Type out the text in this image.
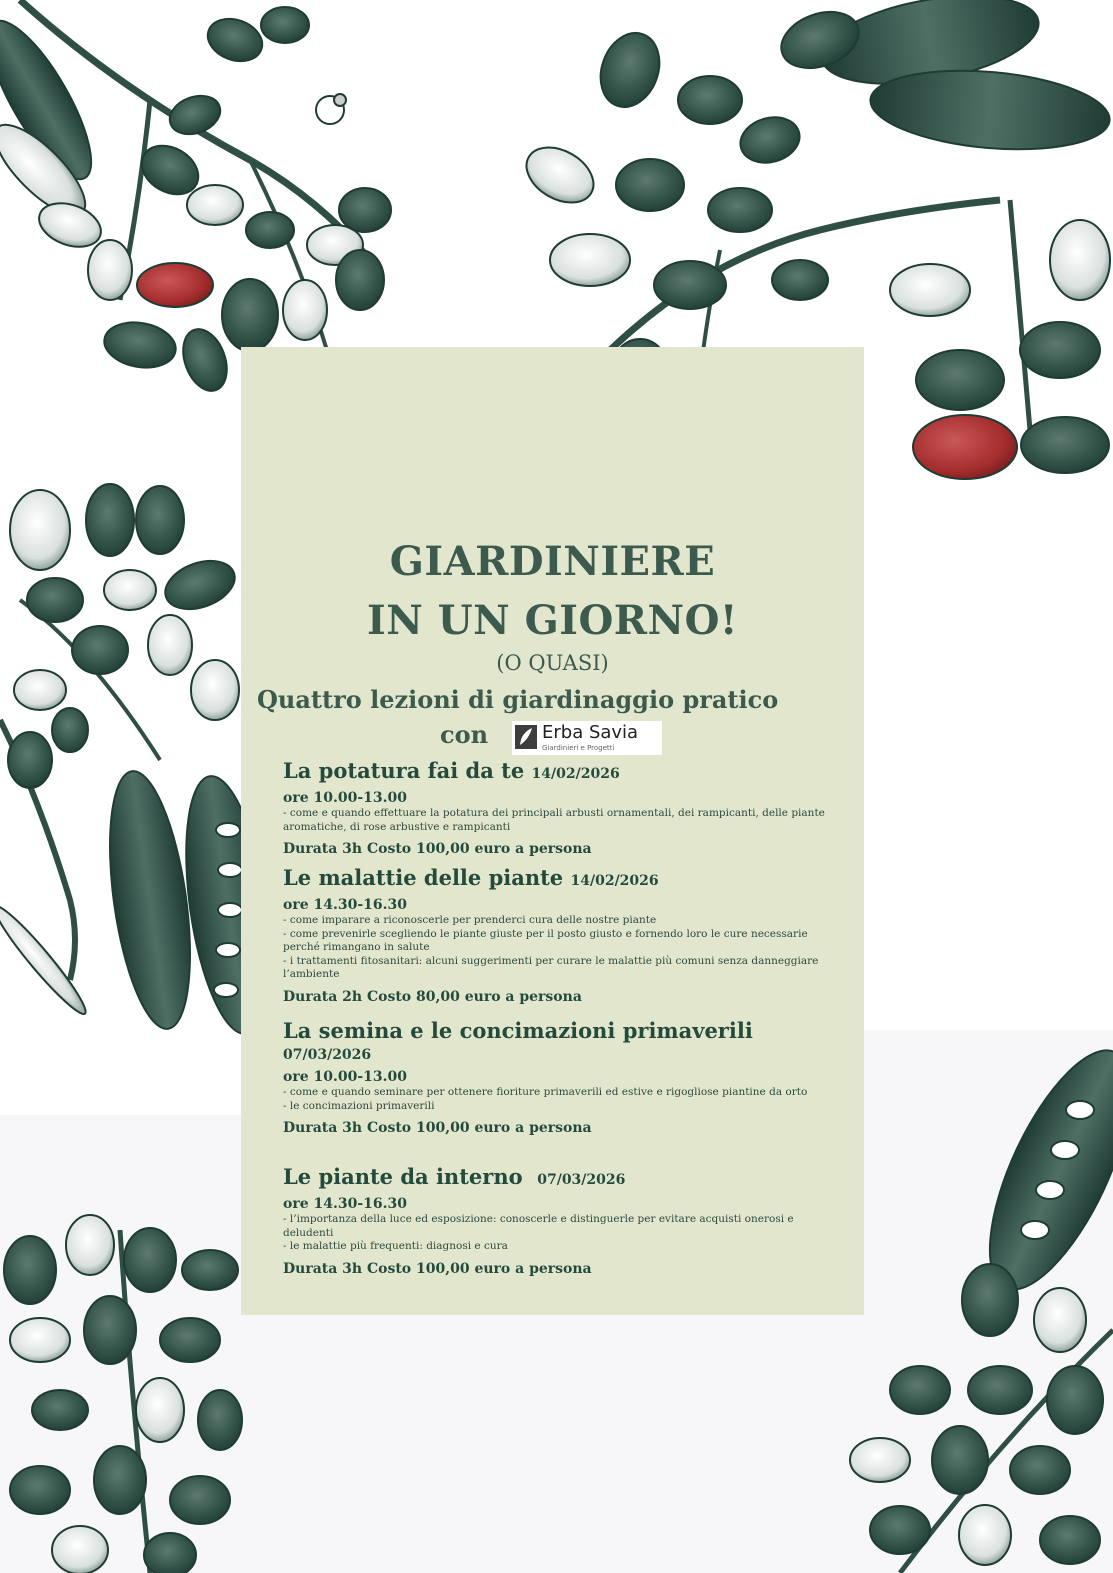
GIARDINIERE
IN UN GIORNO!
(O QUASI)
Quattro lezioni di giardinaggio pratico
con	Erba Savia
Giardinieri e Progetti
La potatura fai da te 14/02/2026
ore 10.00-13.00
- come e quando effettuare la potatura dei principali arbusti ornamentali, dei rampicanti, delle piante aromatiche, di rose arbustive e rampicanti
Durata 3h Costo 100,00 euro a persona
Le malattie delle piante 14/02/2026
ore 14.30-16.30
- come imparare a riconoscerle per prenderci cura delle nostre piante
- come prevenirle scegliendo le piante giuste per il posto giusto e fornendo loro le cure necessarie perché rimangano in salute
- i trattamenti fitosanitari: alcuni suggerimenti per curare le malattie più comuni senza danneggiare l’ambiente
Durata 2h Costo 80,00 euro a persona
La semina e le concimazioni primaverili
07/03/2026
ore 10.00-13.00
- come e quando seminare per ottenere fioriture primaverili ed estive e rigogliose piantine da orto
- le concimazioni primaverili
Durata 3h Costo 100,00 euro a persona
Le piante da interno 07/03/2026
ore 14.30-16.30
- l’importanza della luce ed esposizione: conoscerle e distinguerle per evitare acquisti onerosi e deludenti
- le malattie più frequenti: diagnosi e cura
Durata 3h Costo 100,00 euro a persona
